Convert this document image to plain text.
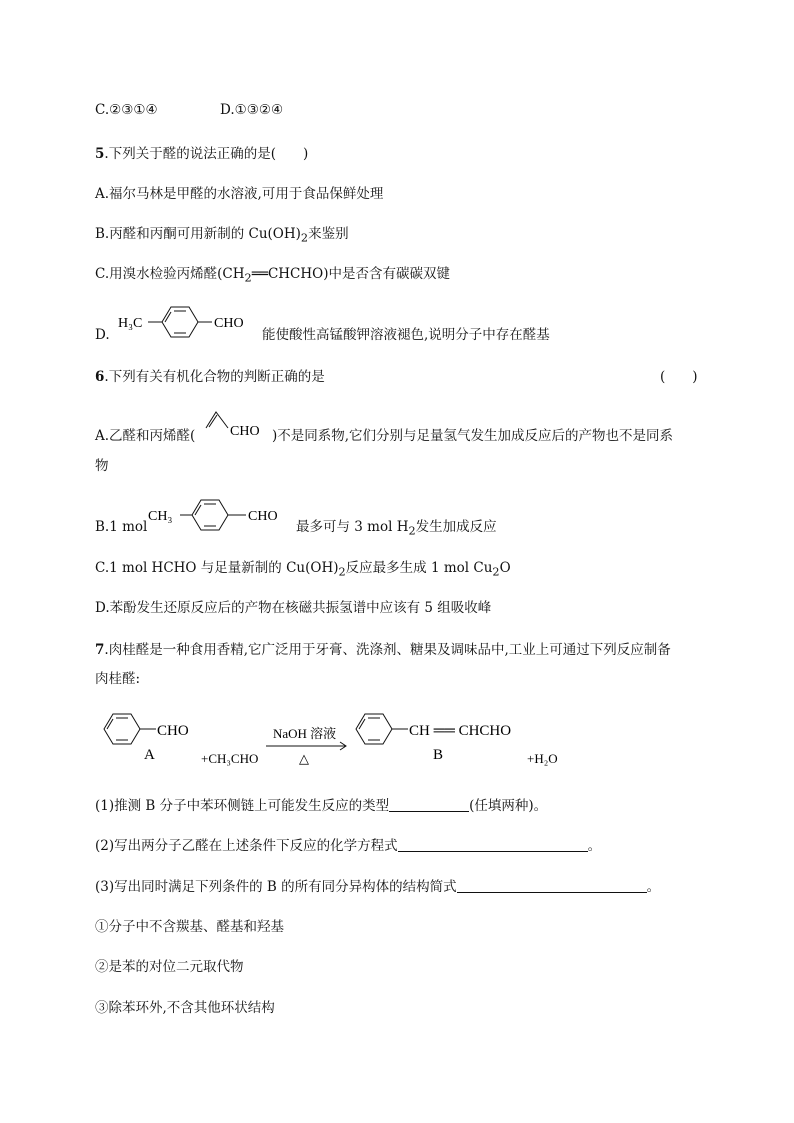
C.②③①④	D.①③②④
5.下列关于醛的说法正确的是(　　)
A.福尔马林是甲醛的水溶液,可用于食品保鲜处理
B.丙醛和丙酮可用新制的 $Cu(OH)_2$来鉴别
C.用溴水检验丙烯醛$(CH_2══CHCHO)$中是否含有碳碳双键
D.
H₃C	CHO
能使酸性高锰酸钾溶液褪色,说明分子中存在醛基
6.下列有关有机化合物的判断正确的是	(　　)
A.乙醛和丙烯醛( CHO )不是同系物,它们分别与足量氢气发生加成反应后的产物也不是同系
物
B.1 mol
CH₃	CHO
最多可与 3 mol $H_2$发生加成反应
C.1 mol HCHO 与足量新制的 $Cu(OH)_2$反应最多生成 1 mol $Cu_2O$
D.苯酚发生还原反应后的产物在核磁共振氢谱中应该有 5 组吸收峰
7.肉桂醛是一种食用香精,它广泛用于牙膏、洗涤剂、糖果及调味品中,工业上可通过下列反应制备
肉桂醛:
CHO
A	+CH₃CHO
NaOH 溶液
△
CH ══ CHCHO
B	+H₂O
(1)推测 B 分子中苯环侧链上可能发生反应的类型	(任填两种)。
(2)写出两分子乙醛在上述条件下反应的化学方程式	。
(3)写出同时满足下列条件的 B 的所有同分异构体的结构简式	。
①分子中不含羰基、醛基和羟基
②是苯的对位二元取代物
③除苯环外,不含其他环状结构
